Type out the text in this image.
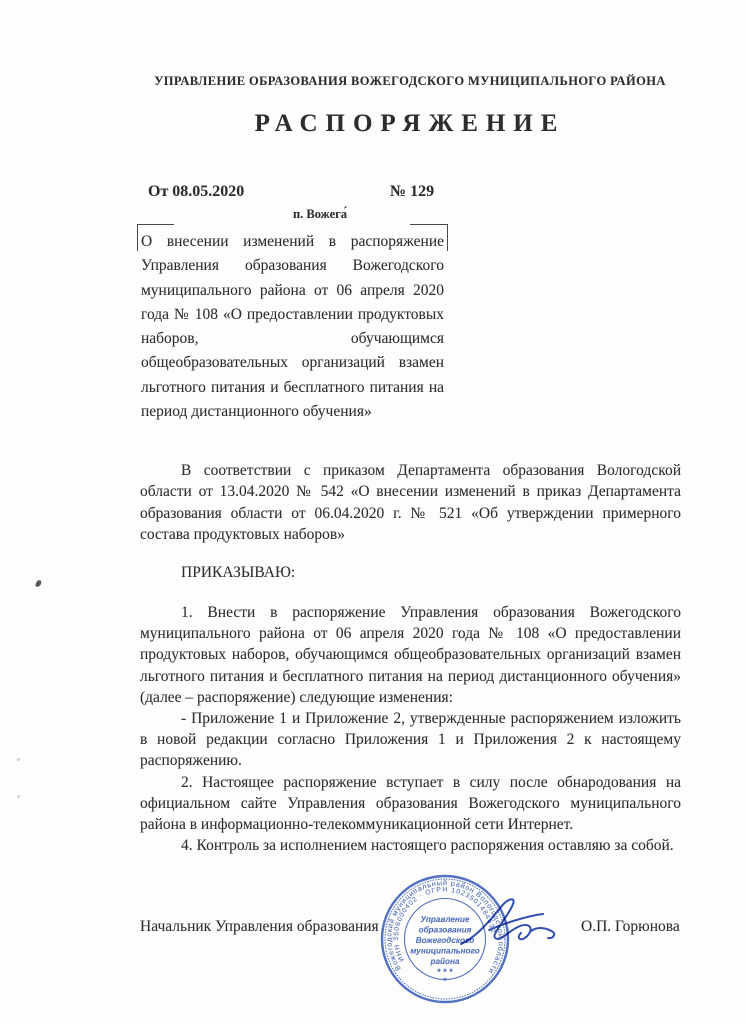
УПРАВЛЕНИЕ ОБРАЗОВАНИЯ ВОЖЕГОДСКОГО МУНИЦИПАЛЬНОГО РАЙОНА
РАСПОРЯЖЕНИЕ
От 08.05.2020	№ 129
п. Вожега́
О внесении изменений в распоряжение Управления образования Вожегодского муниципального района от 06 апреля 2020 года № 108 «О предоставлении продуктовых наборов, обучающимся общеобразовательных организаций взамен льготного питания и бесплатного питания на период дистанционного обучения»
В соответствии с приказом Департамента образования Вологодской области от 13.04.2020 № 542 «О внесении изменений в приказ Департамента образования области от 06.04.2020 г. № 521 «Об утверждении примерного состава продуктовых наборов»
ПРИКАЗЫВАЮ:

1. Внести в распоряжение Управления образования Вожегодского муниципального района от 06 апреля 2020 года № 108 «О предоставлении продуктовых наборов, обучающимся общеобразовательных организаций взамен льготного питания и бесплатного питания на период дистанционного обучения» (далее – распоряжение) следующие изменения:

- Приложение 1 и Приложение 2, утвержденные распоряжением изложить в новой редакции согласно Приложения 1 и Приложения 2 к настоящему распоряжению.

2. Настоящее распоряжение вступает в силу после обнародования на официальном сайте Управления образования Вожегодского муниципального района в информационно-телекоммуникационной сети Интернет.

4. Контроль за исполнением настоящего распоряжения оставляю за собой.

Начальник Управления образования	О.П. Горюнова
Вожегодский муниципальный район Вологодской области
ИНН 3506000402 · ОГРН 1023501484632
Управление
образования
Вожегодского
муниципального
района
* * *
*
